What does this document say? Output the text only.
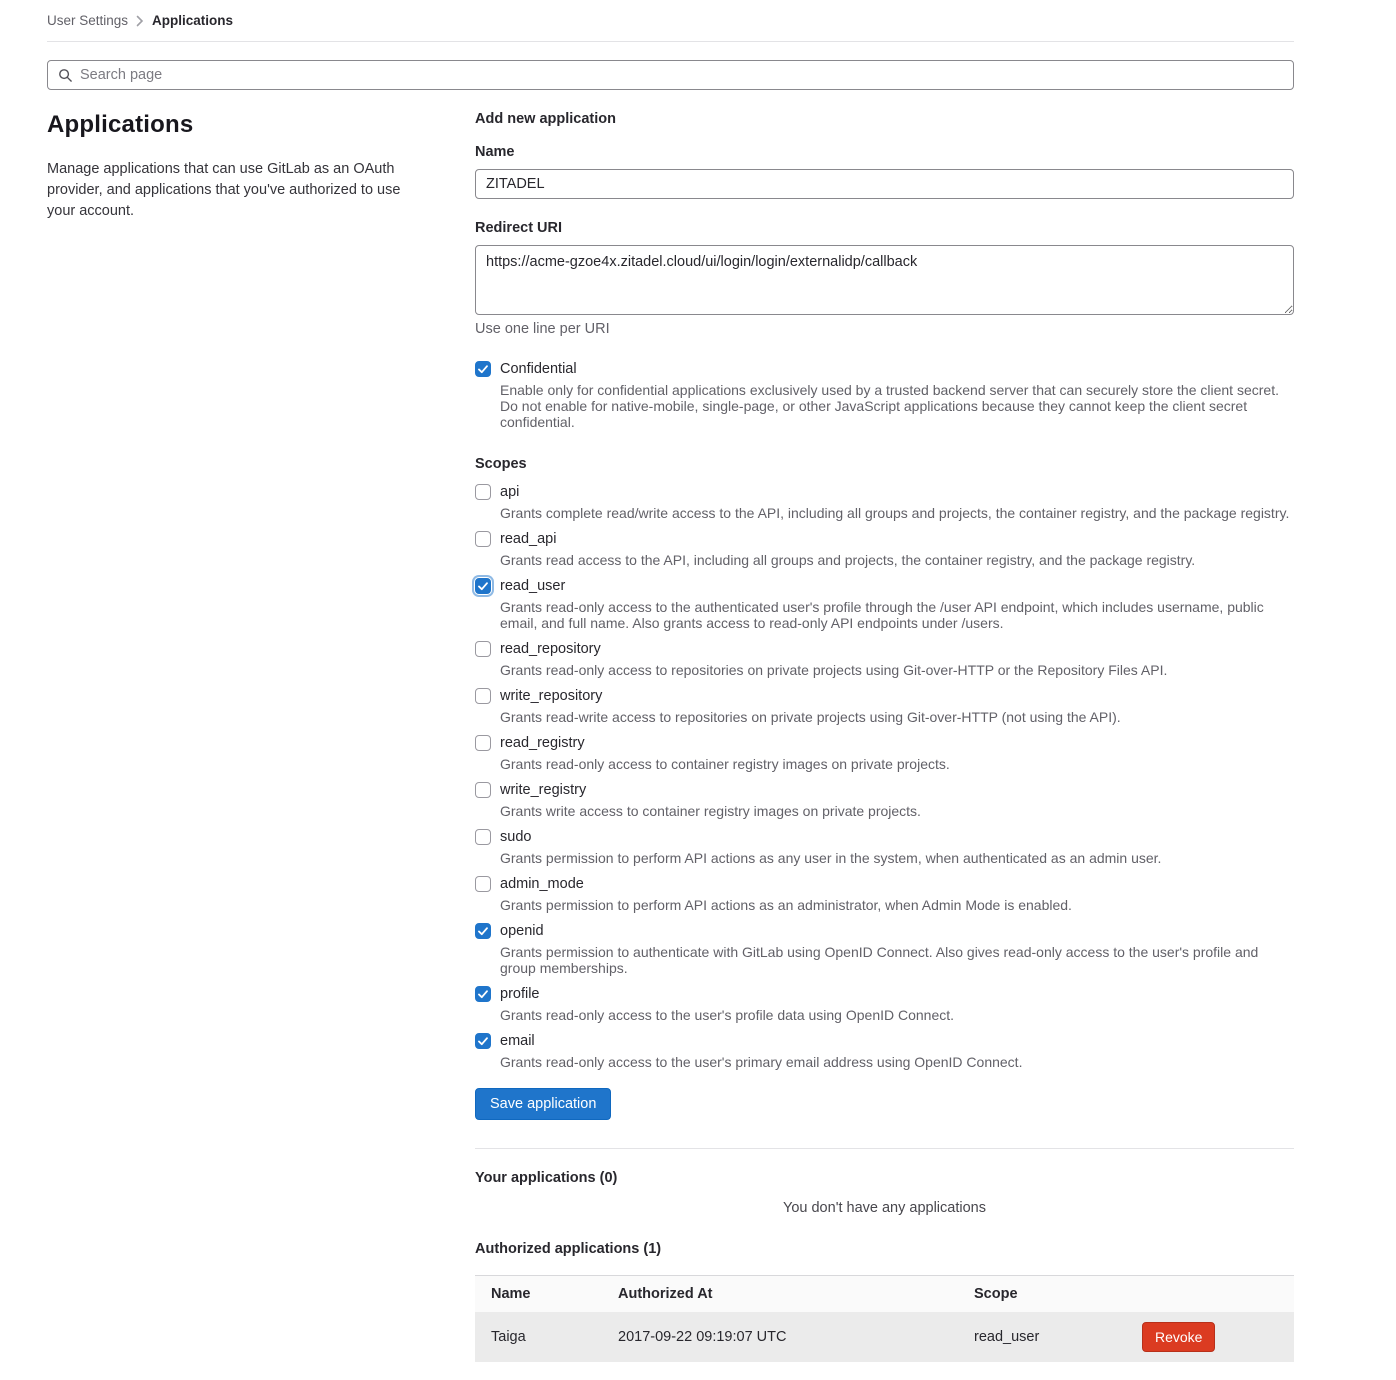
User Settings Applications
Search page
Applications

Manage applications that can use GitLab as an OAuth provider, and applications that you've authorized to use your account.

Add new application
Name
ZITADEL
Redirect URI
https://acme-gzoe4x.zitadel.cloud/ui/login/login/externalidp/callback
Use one line per URI
Confidential
Enable only for confidential applications exclusively used by a trusted backend server that can securely store the client secret. Do not enable for native-mobile, single-page, or other JavaScript applications because they cannot keep the client secret confidential.
Scopes
api
Grants complete read/write access to the API, including all groups and projects, the container registry, and the package registry.
read_api
Grants read access to the API, including all groups and projects, the container registry, and the package registry.
read_user
Grants read-only access to the authenticated user's profile through the /user API endpoint, which includes username, public email, and full name. Also grants access to read-only API endpoints under /users.
read_repository
Grants read-only access to repositories on private projects using Git-over-HTTP or the Repository Files API.
write_repository
Grants read-write access to repositories on private projects using Git-over-HTTP (not using the API).
read_registry
Grants read-only access to container registry images on private projects.
write_registry
Grants write access to container registry images on private projects.
sudo
Grants permission to perform API actions as any user in the system, when authenticated as an admin user.
admin_mode
Grants permission to perform API actions as an administrator, when Admin Mode is enabled.
openid
Grants permission to authenticate with GitLab using OpenID Connect. Also gives read-only access to the user's profile and group memberships.
profile
Grants read-only access to the user's profile data using OpenID Connect.
email
Grants read-only access to the user's primary email address using OpenID Connect.
Save application
Your applications (0)
You don't have any applications
Authorized applications (1)
Name	Authorized At	Scope	
Taiga	2017-09-22 09:19:07 UTC	read_user	Revoke
